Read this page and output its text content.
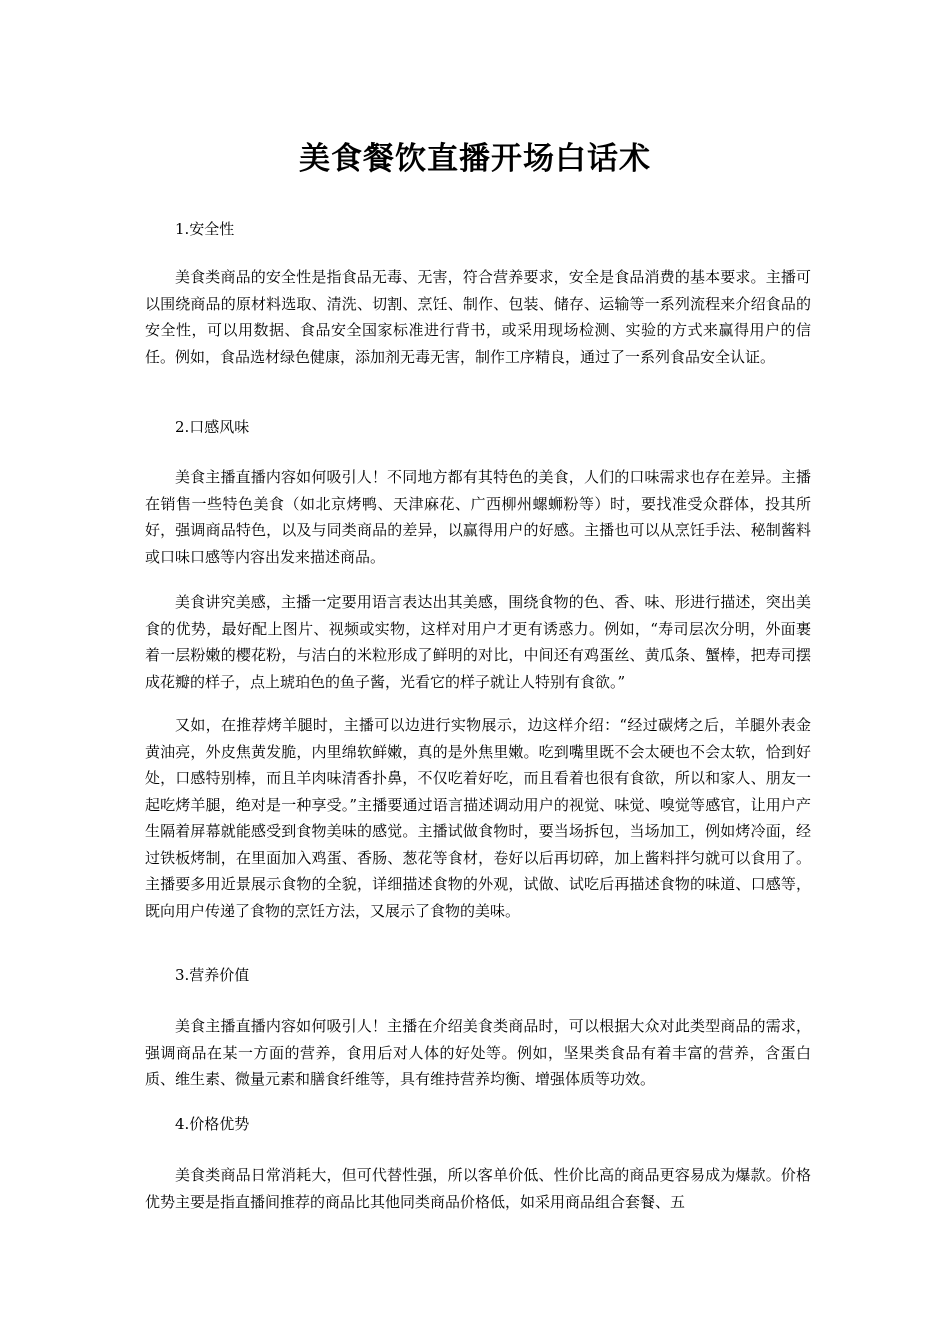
美食餐饮直播开场白话术

1.安全性

美食类商品的安全性是指食品无毒、无害，符合营养要求，安全是食品消费的基本要求。主播可以围绕商品的原材料选取、清洗、切割、烹饪、制作、包装、储存、运输等一系列流程来介绍食品的安全性，可以用数据、食品安全国家标准进行背书，或采用现场检测、实验的方式来赢得用户的信任。例如，食品选材绿色健康，添加剂无毒无害，制作工序精良，通过了一系列食品安全认证。

2.口感风味

美食主播直播内容如何吸引人！不同地方都有其特色的美食，人们的口味需求也存在差异。主播在销售一些特色美食（如北京烤鸭、天津麻花、广西柳州螺蛳粉等）时，要找准受众群体，投其所好，强调商品特色，以及与同类商品的差异，以赢得用户的好感。主播也可以从烹饪手法、秘制酱料或口味口感等内容出发来描述商品。

美食讲究美感，主播一定要用语言表达出其美感，围绕食物的色、香、味、形进行描述，突出美食的优势，最好配上图片、视频或实物，这样对用户才更有诱惑力。例如，“寿司层次分明，外面裹着一层粉嫩的樱花粉，与洁白的米粒形成了鲜明的对比，中间还有鸡蛋丝、黄瓜条、蟹棒，把寿司摆成花瓣的样子，点上琥珀色的鱼子酱，光看它的样子就让人特别有食欲。”

又如，在推荐烤羊腿时，主播可以边进行实物展示，边这样介绍：“经过碳烤之后，羊腿外表金黄油亮，外皮焦黄发脆，内里绵软鲜嫩，真的是外焦里嫩。吃到嘴里既不会太硬也不会太软，恰到好处，口感特别棒，而且羊肉味清香扑鼻，不仅吃着好吃，而且看着也很有食欲，所以和家人、朋友一起吃烤羊腿，绝对是一种享受。”主播要通过语言描述调动用户的视觉、味觉、嗅觉等感官，让用户产生隔着屏幕就能感受到食物美味的感觉。主播试做食物时，要当场拆包，当场加工，例如烤冷面，经过铁板烤制，在里面加入鸡蛋、香肠、葱花等食材，卷好以后再切碎，加上酱料拌匀就可以食用了。主播要多用近景展示食物的全貌，详细描述食物的外观，试做、试吃后再描述食物的味道、口感等，既向用户传递了食物的烹饪方法，又展示了食物的美味。

3.营养价值

美食主播直播内容如何吸引人！主播在介绍美食类商品时，可以根据大众对此类型商品的需求，强调商品在某一方面的营养，食用后对人体的好处等。例如，坚果类食品有着丰富的营养，含蛋白质、维生素、微量元素和膳食纤维等，具有维持营养均衡、增强体质等功效。

4.价格优势

美食类商品日常消耗大，但可代替性强，所以客单价低、性价比高的商品更容易成为爆款。价格优势主要是指直播间推荐的商品比其他同类商品价格低，如采用商品组合套餐、五
